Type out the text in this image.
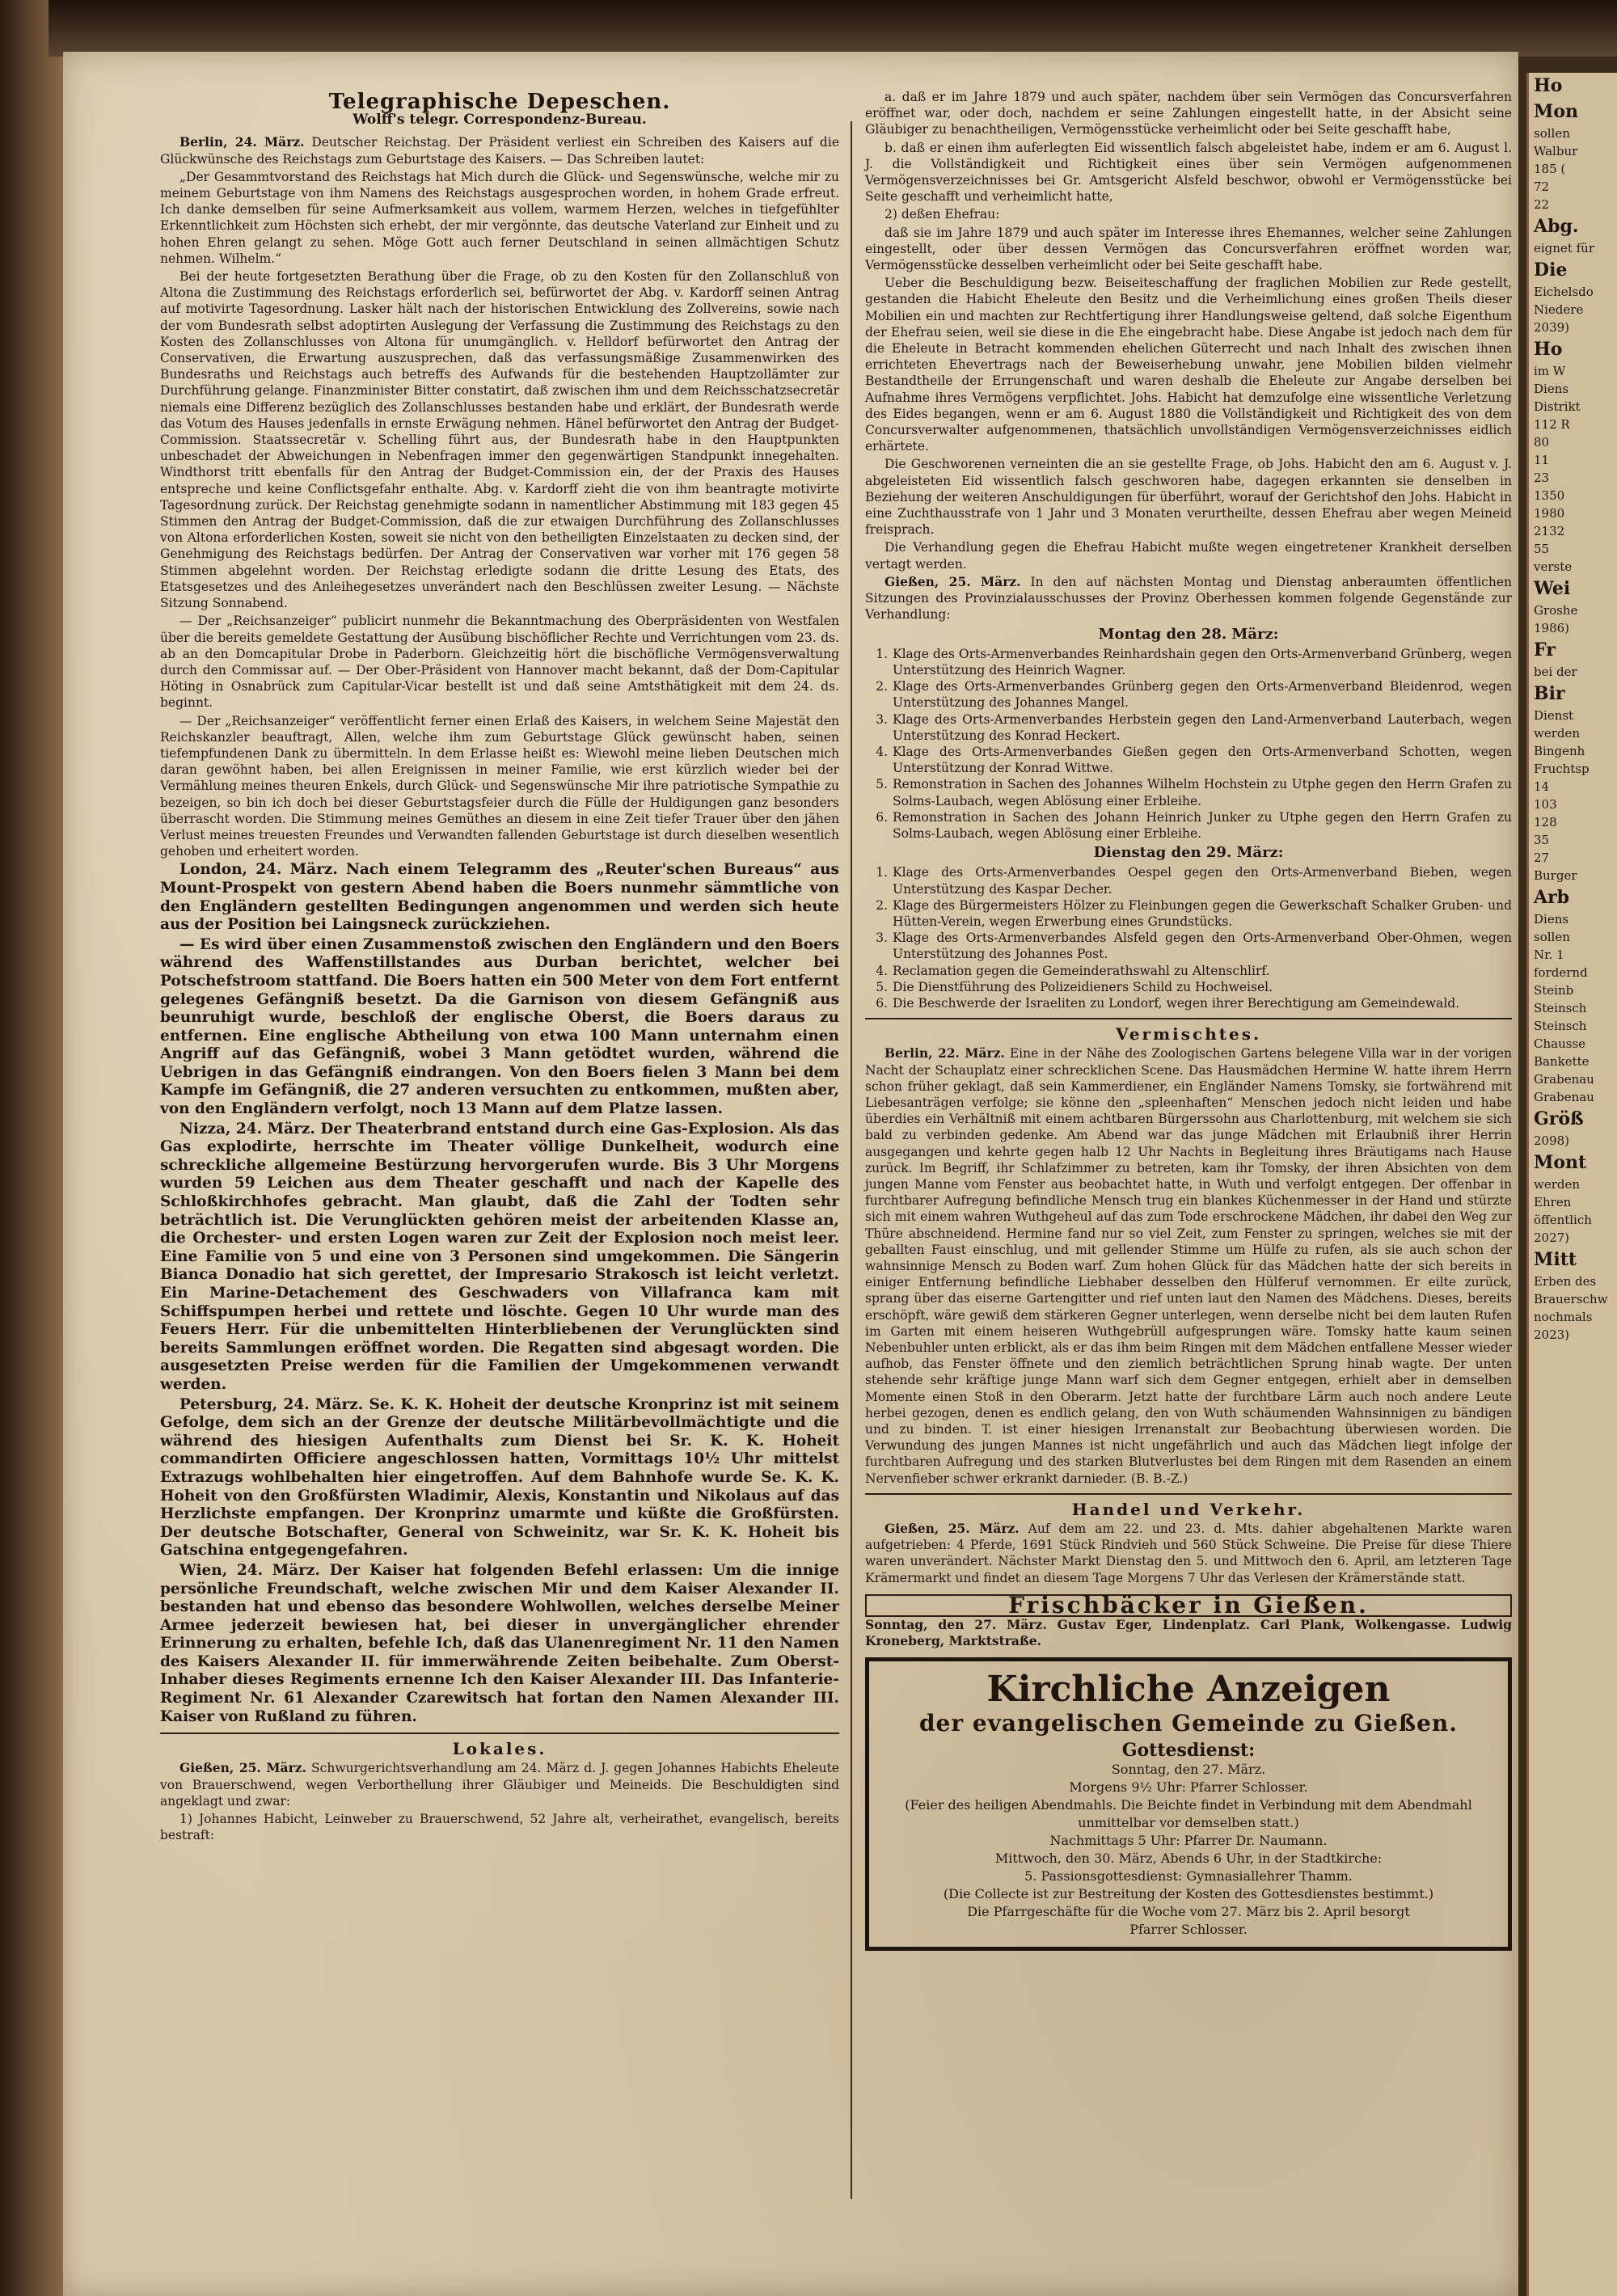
Telegraphische Depeschen.
Wolff's telegr. Correspondenz-Bureau.

Berlin, 24. März. Deutscher Reichstag. Der Präsident verliest ein Schreiben des Kaisers auf die Glückwünsche des Reichstags zum Geburtstage des Kaisers. — Das Schreiben lautet:

„Der Gesammtvorstand des Reichstags hat Mich durch die Glück- und Segenswünsche, welche mir zu meinem Geburtstage von ihm Namens des Reichstags ausgesprochen worden, in hohem Grade erfreut. Ich danke demselben für seine Aufmerksamkeit aus vollem, warmem Herzen, welches in tiefgefühlter Erkenntlichkeit zum Höchsten sich erhebt, der mir vergönnte, das deutsche Vaterland zur Einheit und zu hohen Ehren gelangt zu sehen. Möge Gott auch ferner Deutschland in seinen allmächtigen Schutz nehmen. Wilhelm.“

Bei der heute fortgesetzten Berathung über die Frage, ob zu den Kosten für den Zollanschluß von Altona die Zustimmung des Reichstags erforderlich sei, befürwortet der Abg. v. Kardorff seinen Antrag auf motivirte Tagesordnung. Lasker hält nach der historischen Entwicklung des Zollvereins, sowie nach der vom Bundesrath selbst adoptirten Auslegung der Verfassung die Zustimmung des Reichstags zu den Kosten des Zollanschlusses von Altona für unumgänglich. v. Helldorf befürwortet den Antrag der Conservativen, die Erwartung auszusprechen, daß das verfassungsmäßige Zusammenwirken des Bundesraths und Reichstags auch betreffs des Aufwands für die bestehenden Hauptzollämter zur Durchführung gelange. Finanzminister Bitter constatirt, daß zwischen ihm und dem Reichsschatzsecretär niemals eine Differenz bezüglich des Zollanschlusses bestanden habe und erklärt, der Bundesrath werde das Votum des Hauses jedenfalls in ernste Erwägung nehmen. Hänel befürwortet den Antrag der Budget-Commission. Staatssecretär v. Schelling führt aus, der Bundesrath habe in den Hauptpunkten unbeschadet der Abweichungen in Nebenfragen immer den gegenwärtigen Standpunkt innegehalten. Windthorst tritt ebenfalls für den Antrag der Budget-Commission ein, der der Praxis des Hauses entspreche und keine Conflictsgefahr enthalte. Abg. v. Kardorff zieht die von ihm beantragte motivirte Tagesordnung zurück. Der Reichstag genehmigte sodann in namentlicher Abstimmung mit 183 gegen 45 Stimmen den Antrag der Budget-Commission, daß die zur etwaigen Durchführung des Zollanschlusses von Altona erforderlichen Kosten, soweit sie nicht von den betheiligten Einzelstaaten zu decken sind, der Genehmigung des Reichstags bedürfen. Der Antrag der Conservativen war vorher mit 176 gegen 58 Stimmen abgelehnt worden. Der Reichstag erledigte sodann die dritte Lesung des Etats, des Etatsgesetzes und des Anleihegesetzes unverändert nach den Beschlüssen zweiter Lesung. — Nächste Sitzung Sonnabend.

— Der „Reichsanzeiger“ publicirt nunmehr die Bekanntmachung des Oberpräsidenten von Westfalen über die bereits gemeldete Gestattung der Ausübung bischöflicher Rechte und Verrichtungen vom 23. ds. ab an den Domcapitular Drobe in Paderborn. Gleichzeitig hört die bischöfliche Vermögensverwaltung durch den Commissar auf. — Der Ober-Präsident von Hannover macht bekannt, daß der Dom-Capitular Höting in Osnabrück zum Capitular-Vicar bestellt ist und daß seine Amtsthätigkeit mit dem 24. ds. beginnt.

— Der „Reichsanzeiger“ veröffentlicht ferner einen Erlaß des Kaisers, in welchem Seine Majestät den Reichskanzler beauftragt, Allen, welche ihm zum Geburtstage Glück gewünscht haben, seinen tiefempfundenen Dank zu übermitteln. In dem Erlasse heißt es: Wiewohl meine lieben Deutschen mich daran gewöhnt haben, bei allen Ereignissen in meiner Familie, wie erst kürzlich wieder bei der Vermählung meines theuren Enkels, durch Glück- und Segenswünsche Mir ihre patriotische Sympathie zu bezeigen, so bin ich doch bei dieser Geburtstagsfeier durch die Fülle der Huldigungen ganz besonders überrascht worden. Die Stimmung meines Gemüthes an diesem in eine Zeit tiefer Trauer über den jähen Verlust meines treuesten Freundes und Verwandten fallenden Geburtstage ist durch dieselben wesentlich gehoben und erheitert worden.

London, 24. März. Nach einem Telegramm des „Reuter'schen Bureaus“ aus Mount-Prospekt von gestern Abend haben die Boers nunmehr sämmtliche von den Engländern gestellten Bedingungen angenommen und werden sich heute aus der Position bei Laingsneck zurückziehen.

— Es wird über einen Zusammenstoß zwischen den Engländern und den Boers während des Waffenstillstandes aus Durban berichtet, welcher bei Potschefstroom stattfand. Die Boers hatten ein 500 Meter von dem Fort entfernt gelegenes Gefängniß besetzt. Da die Garnison von diesem Gefängniß aus beunruhigt wurde, beschloß der englische Oberst, die Boers daraus zu entfernen. Eine englische Abtheilung von etwa 100 Mann unternahm einen Angriff auf das Gefängniß, wobei 3 Mann getödtet wurden, während die Uebrigen in das Gefängniß eindrangen. Von den Boers fielen 3 Mann bei dem Kampfe im Gefängniß, die 27 anderen versuchten zu entkommen, mußten aber, von den Engländern verfolgt, noch 13 Mann auf dem Platze lassen.

Nizza, 24. März. Der Theaterbrand entstand durch eine Gas-Explosion. Als das Gas explodirte, herrschte im Theater völlige Dunkelheit, wodurch eine schreckliche allgemeine Bestürzung hervorgerufen wurde. Bis 3 Uhr Morgens wurden 59 Leichen aus dem Theater geschafft und nach der Kapelle des Schloßkirchhofes gebracht. Man glaubt, daß die Zahl der Todten sehr beträchtlich ist. Die Verunglückten gehören meist der arbeitenden Klasse an, die Orchester- und ersten Logen waren zur Zeit der Explosion noch meist leer. Eine Familie von 5 und eine von 3 Personen sind umgekommen. Die Sängerin Bianca Donadio hat sich gerettet, der Impresario Strakosch ist leicht verletzt. Ein Marine-Detachement des Geschwaders von Villafranca kam mit Schiffspumpen herbei und rettete und löschte. Gegen 10 Uhr wurde man des Feuers Herr. Für die unbemittelten Hinterbliebenen der Verunglückten sind bereits Sammlungen eröffnet worden. Die Regatten sind abgesagt worden. Die ausgesetzten Preise werden für die Familien der Umgekommenen verwandt werden.

Petersburg, 24. März. Se. K. K. Hoheit der deutsche Kronprinz ist mit seinem Gefolge, dem sich an der Grenze der deutsche Militärbevollmächtigte und die während des hiesigen Aufenthalts zum Dienst bei Sr. K. K. Hoheit commandirten Officiere angeschlossen hatten, Vormittags 10½ Uhr mittelst Extrazugs wohlbehalten hier eingetroffen. Auf dem Bahnhofe wurde Se. K. K. Hoheit von den Großfürsten Wladimir, Alexis, Konstantin und Nikolaus auf das Herzlichste empfangen. Der Kronprinz umarmte und küßte die Großfürsten. Der deutsche Botschafter, General von Schweinitz, war Sr. K. K. Hoheit bis Gatschina entgegengefahren.

Wien, 24. März. Der Kaiser hat folgenden Befehl erlassen: Um die innige persönliche Freundschaft, welche zwischen Mir und dem Kaiser Alexander II. bestanden hat und ebenso das besondere Wohlwollen, welches derselbe Meiner Armee jederzeit bewiesen hat, bei dieser in unvergänglicher ehrender Erinnerung zu erhalten, befehle Ich, daß das Ulanenregiment Nr. 11 den Namen des Kaisers Alexander II. für immerwährende Zeiten beibehalte. Zum Oberst-Inhaber dieses Regiments ernenne Ich den Kaiser Alexander III. Das Infanterie-Regiment Nr. 61 Alexander Czarewitsch hat fortan den Namen Alexander III. Kaiser von Rußland zu führen.

Lokales.

Gießen, 25. März. Schwurgerichtsverhandlung am 24. März d. J. gegen Johannes Habichts Eheleute von Brauerschwend, wegen Verborthellung ihrer Gläubiger und Meineids. Die Beschuldigten sind angeklagt und zwar:

1) Johannes Habicht, Leinweber zu Brauerschwend, 52 Jahre alt, verheirathet, evangelisch, bereits bestraft:

a. daß er im Jahre 1879 und auch später, nachdem über sein Vermögen das Concursverfahren eröffnet war, oder doch, nachdem er seine Zahlungen eingestellt hatte, in der Absicht seine Gläubiger zu benachtheiligen, Vermögensstücke verheimlicht oder bei Seite geschafft habe,

b. daß er einen ihm auferlegten Eid wissentlich falsch abgeleistet habe, indem er am 6. August l. J. die Vollständigkeit und Richtigkeit eines über sein Vermögen aufgenommenen Vermögensverzeichnisses bei Gr. Amtsgericht Alsfeld beschwor, obwohl er Vermögensstücke bei Seite geschafft und verheimlicht hatte,

2) deßen Ehefrau:

daß sie im Jahre 1879 und auch später im Interesse ihres Ehemannes, welcher seine Zahlungen eingestellt, oder über dessen Vermögen das Concursverfahren eröffnet worden war, Vermögensstücke desselben verheimlicht oder bei Seite geschafft habe.

Ueber die Beschuldigung bezw. Beiseiteschaffung der fraglichen Mobilien zur Rede gestellt, gestanden die Habicht Eheleute den Besitz und die Verheimlichung eines großen Theils dieser Mobilien ein und machten zur Rechtfertigung ihrer Handlungsweise geltend, daß solche Eigenthum der Ehefrau seien, weil sie diese in die Ehe eingebracht habe. Diese Angabe ist jedoch nach dem für die Eheleute in Betracht kommenden ehelichen Güterrecht und nach Inhalt des zwischen ihnen errichteten Ehevertrags nach der Beweiserhebung unwahr, jene Mobilien bilden vielmehr Bestandtheile der Errungenschaft und waren deshalb die Eheleute zur Angabe derselben bei Aufnahme ihres Vermögens verpflichtet. Johs. Habicht hat demzufolge eine wissentliche Verletzung des Eides begangen, wenn er am 6. August 1880 die Vollständigkeit und Richtigkeit des von dem Concursverwalter aufgenommenen, thatsächlich unvollständigen Vermögensverzeichnisses eidlich erhärtete.

Die Geschworenen verneinten die an sie gestellte Frage, ob Johs. Habicht den am 6. August v. J. abgeleisteten Eid wissentlich falsch geschworen habe, dagegen erkannten sie denselben in Beziehung der weiteren Anschuldigungen für überführt, worauf der Gerichtshof den Johs. Habicht in eine Zuchthausstrafe von 1 Jahr und 3 Monaten verurtheilte, dessen Ehefrau aber wegen Meineid freisprach.

Die Verhandlung gegen die Ehefrau Habicht mußte wegen eingetretener Krankheit derselben vertagt werden.

Gießen, 25. März. In den auf nächsten Montag und Dienstag anberaumten öffentlichen Sitzungen des Provinzialausschusses der Provinz Oberhessen kommen folgende Gegenstände zur Verhandlung:

Montag den 28. März:
1. Klage des Orts-Armenverbandes Reinhardshain gegen den Orts-Armenverband Grünberg, wegen Unterstützung des Heinrich Wagner.
2. Klage des Orts-Armenverbandes Grünberg gegen den Orts-Armenverband Bleidenrod, wegen Unterstützung des Johannes Mangel.
3. Klage des Orts-Armenverbandes Herbstein gegen den Land-Armenverband Lauterbach, wegen Unterstützung des Konrad Heckert.
4. Klage des Orts-Armenverbandes Gießen gegen den Orts-Armenverband Schotten, wegen Unterstützung der Konrad Wittwe.
5. Remonstration in Sachen des Johannes Wilhelm Hochstein zu Utphe gegen den Herrn Grafen zu Solms-Laubach, wegen Ablösung einer Erbleihe.
6. Remonstration in Sachen des Johann Heinrich Junker zu Utphe gegen den Herrn Grafen zu Solms-Laubach, wegen Ablösung einer Erbleihe.
Dienstag den 29. März:
1. Klage des Orts-Armenverbandes Oespel gegen den Orts-Armenverband Bieben, wegen Unterstützung des Kaspar Decher.
2. Klage des Bürgermeisters Hölzer zu Fleinbungen gegen die Gewerkschaft Schalker Gruben- und Hütten-Verein, wegen Erwerbung eines Grundstücks.
3. Klage des Orts-Armenverbandes Alsfeld gegen den Orts-Armenverband Ober-Ohmen, wegen Unterstützung des Johannes Post.
4. Reclamation gegen die Gemeinderathswahl zu Altenschlirf.
5. Die Dienstführung des Polizeidieners Schild zu Hochweisel.
6. Die Beschwerde der Israeliten zu Londorf, wegen ihrer Berechtigung am Gemeindewald.
Vermischtes.

Berlin, 22. März. Eine in der Nähe des Zoologischen Gartens belegene Villa war in der vorigen Nacht der Schauplatz einer schrecklichen Scene. Das Hausmädchen Hermine W. hatte ihrem Herrn schon früher geklagt, daß sein Kammerdiener, ein Engländer Namens Tomsky, sie fortwährend mit Liebesanträgen verfolge; sie könne den „spleenhaften“ Menschen jedoch nicht leiden und habe überdies ein Verhältniß mit einem achtbaren Bürgerssohn aus Charlottenburg, mit welchem sie sich bald zu verbinden gedenke. Am Abend war das junge Mädchen mit Erlaubniß ihrer Herrin ausgegangen und kehrte gegen halb 12 Uhr Nachts in Begleitung ihres Bräutigams nach Hause zurück. Im Begriff, ihr Schlafzimmer zu betreten, kam ihr Tomsky, der ihren Absichten von dem jungen Manne vom Fenster aus beobachtet hatte, in Wuth und verfolgt entgegen. Der offenbar in furchtbarer Aufregung befindliche Mensch trug ein blankes Küchenmesser in der Hand und stürzte sich mit einem wahren Wuthgeheul auf das zum Tode erschrockene Mädchen, ihr dabei den Weg zur Thüre abschneidend. Hermine fand nur so viel Zeit, zum Fenster zu springen, welches sie mit der geballten Faust einschlug, und mit gellender Stimme um Hülfe zu rufen, als sie auch schon der wahnsinnige Mensch zu Boden warf. Zum hohen Glück für das Mädchen hatte der sich bereits in einiger Entfernung befindliche Liebhaber desselben den Hülferuf vernommen. Er eilte zurück, sprang über das eiserne Gartengitter und rief unten laut den Namen des Mädchens. Dieses, bereits erschöpft, wäre gewiß dem stärkeren Gegner unterlegen, wenn derselbe nicht bei dem lauten Rufen im Garten mit einem heiseren Wuthgebrüll aufgesprungen wäre. Tomsky hatte kaum seinen Nebenbuhler unten erblickt, als er das ihm beim Ringen mit dem Mädchen entfallene Messer wieder aufhob, das Fenster öffnete und den ziemlich beträchtlichen Sprung hinab wagte. Der unten stehende sehr kräftige junge Mann warf sich dem Gegner entgegen, erhielt aber in demselben Momente einen Stoß in den Oberarm. Jetzt hatte der furchtbare Lärm auch noch andere Leute herbei gezogen, denen es endlich gelang, den von Wuth schäumenden Wahnsinnigen zu bändigen und zu binden. T. ist einer hiesigen Irrenanstalt zur Beobachtung überwiesen worden. Die Verwundung des jungen Mannes ist nicht ungefährlich und auch das Mädchen liegt infolge der furchtbaren Aufregung und des starken Blutverlustes bei dem Ringen mit dem Rasenden an einem Nervenfieber schwer erkrankt darnieder. (B. B.-Z.)

Handel und Verkehr.

Gießen, 25. März. Auf dem am 22. und 23. d. Mts. dahier abgehaltenen Markte waren aufgetrieben: 4 Pferde, 1691 Stück Rindvieh und 560 Stück Schweine. Die Preise für diese Thiere waren unverändert. Nächster Markt Dienstag den 5. und Mittwoch den 6. April, am letzteren Tage Krämermarkt und findet an diesem Tage Morgens 7 Uhr das Verlesen der Krämerstände statt.

Frischbäcker in Gießen.

Sonntag, den 27. März. Gustav Eger, Lindenplatz. Carl Plank, Wolkengasse. Ludwig Kroneberg, Marktstraße.

Kirchliche Anzeigen
der evangelischen Gemeinde zu Gießen.
Gottesdienst:
Sonntag, den 27. März.
Morgens 9½ Uhr: Pfarrer Schlosser.
(Feier des heiligen Abendmahls. Die Beichte findet in Verbindung mit dem Abendmahl unmittelbar vor demselben statt.)
Nachmittags 5 Uhr: Pfarrer Dr. Naumann.
Mittwoch, den 30. März, Abends 6 Uhr, in der Stadtkirche:
5. Passionsgottesdienst: Gymnasiallehrer Thamm.
(Die Collecte ist zur Bestreitung der Kosten des Gottesdienstes bestimmt.)
Die Pfarrgeschäfte für die Woche vom 27. März bis 2. April besorgt
Pfarrer Schlosser.
Ho
Mon
sollen
Walbur
185 (
72
22
Abg.
eignet für
Die
Eichelsdo
Niedere
2039)
Ho
im W
Diens
Distrikt
112 R
80
11
23
1350
1980
2132
55
verste
Wei
Groshe
1986)
Fr
bei der
Bir
Dienst
werden
Bingenh
Fruchtsp
14
103
128
35
27
Burger
Arb
Diens
sollen
Nr. 1
fordernd
Steinb
Steinsch
Steinsch
Chausse
Bankette
Grabenau
Grabenau
Größ
2098)
Mont
werden
Ehren
öffentlich
2027)
Mitt
Erben des
Brauerschw
nochmals
2023)
